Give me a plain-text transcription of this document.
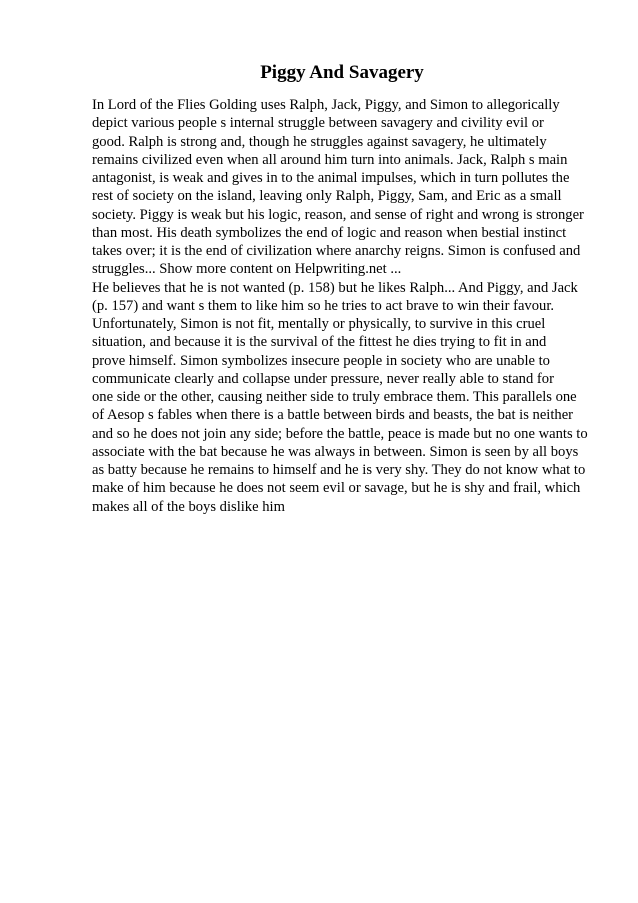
Piggy And Savagery
In Lord of the Flies Golding uses Ralph, Jack, Piggy, and Simon to allegorically
depict various people s internal struggle between savagery and civility evil or
good. Ralph is strong and, though he struggles against savagery, he ultimately
remains civilized even when all around him turn into animals. Jack, Ralph s main
antagonist, is weak and gives in to the animal impulses, which in turn pollutes the
rest of society on the island, leaving only Ralph, Piggy, Sam, and Eric as a small
society. Piggy is weak but his logic, reason, and sense of right and wrong is stronger
than most. His death symbolizes the end of logic and reason when bestial instinct
takes over; it is the end of civilization where anarchy reigns. Simon is confused and
struggles... Show more content on Helpwriting.net ...
He believes that he is not wanted (p. 158) but he likes Ralph... And Piggy, and Jack
(p. 157) and want s them to like him so he tries to act brave to win their favour.
Unfortunately, Simon is not fit, mentally or physically, to survive in this cruel
situation, and because it is the survival of the fittest he dies trying to fit in and
prove himself. Simon symbolizes insecure people in society who are unable to
communicate clearly and collapse under pressure, never really able to stand for
one side or the other, causing neither side to truly embrace them. This parallels one
of Aesop s fables when there is a battle between birds and beasts, the bat is neither
and so he does not join any side; before the battle, peace is made but no one wants to
associate with the bat because he was always in between. Simon is seen by all boys
as batty because he remains to himself and he is very shy. They do not know what to
make of him because he does not seem evil or savage, but he is shy and frail, which
makes all of the boys dislike him
